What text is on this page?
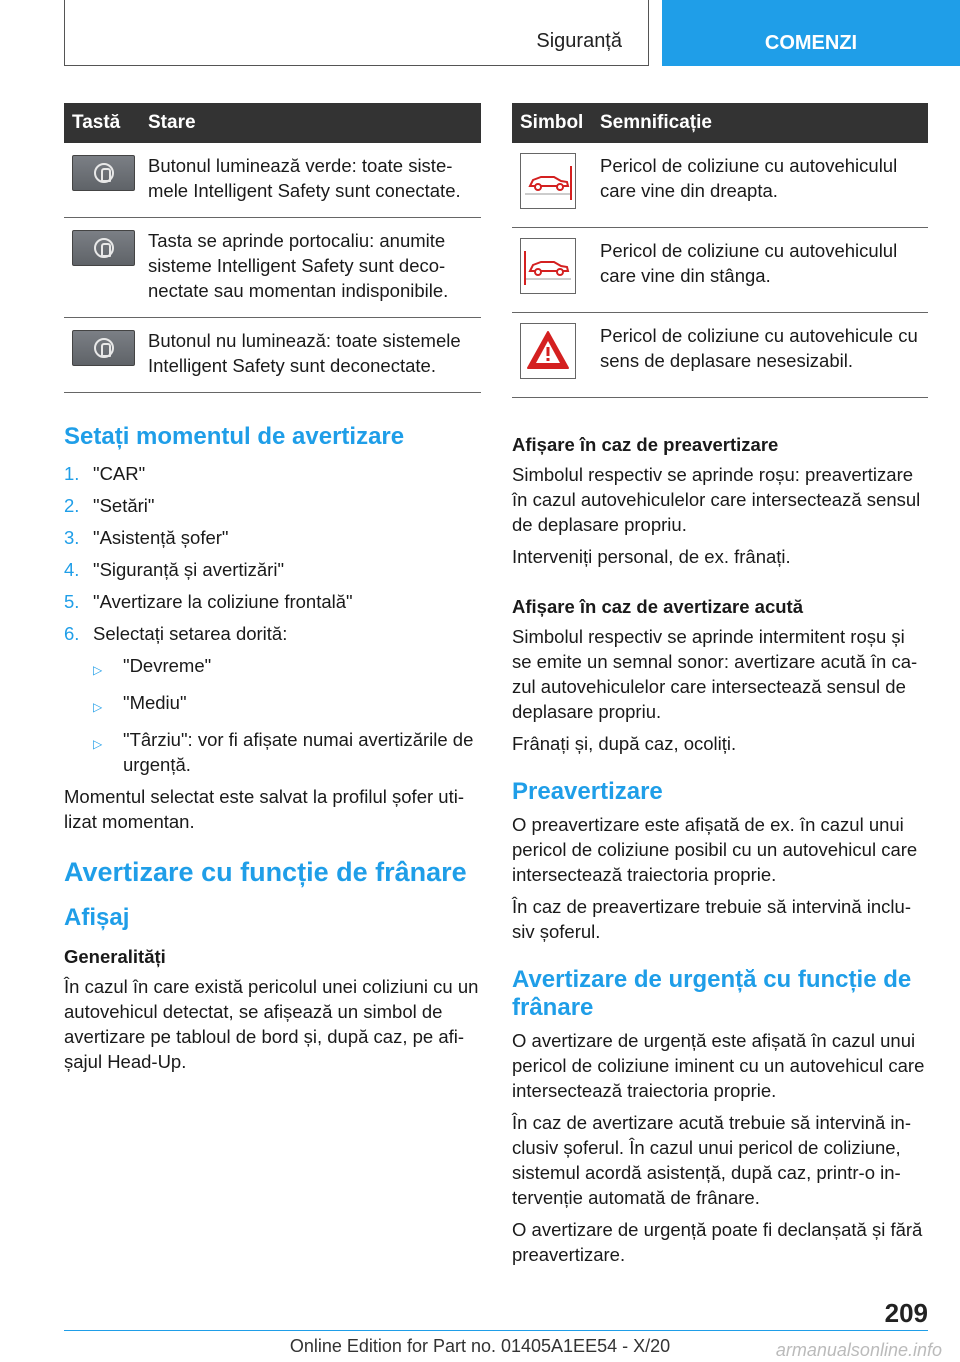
Siguranță	COMENZI
Tastă	Stare

	Butonul luminează verde: toate siste-mele Intelligent Safety sunt conectate.

	Tasta se aprinde portocaliu: anumite sisteme Intelligent Safety sunt deco-nectate sau momentan indisponibile.

	Butonul nu luminează: toate sistemele Intelligent Safety sunt deconectate.
Setați momentul de avertizare
1. "CAR"
2. "Setări"
3. "Asistență șofer"
4. "Siguranță și avertizări"
5. "Avertizare la coliziune frontală"
6. Selectați setarea dorită:
▷	"Devreme"
▷	"Mediu"
▷	"Târziu": vor fi afișate numai avertizările de urgență.

Momentul selectat este salvat la profilul șofer uti-lizat momentan.

Avertizare cu funcție de frânare
Afișaj
Generalități

În cazul în care există pericolul unei coliziuni cu un autovehicul detectat, se afișează un simbol de avertizare pe tabloul de bord și, după caz, pe afi-șajul Head-Up.

Simbol	Semnificație

	Pericol de coliziune cu autovehiculul care vine din dreapta.

	Pericol de coliziune cu autovehiculul care vine din stânga.

	Pericol de coliziune cu autovehicule cu sens de deplasare nesesizabil.
Afișare în caz de preavertizare

Simbolul respectiv se aprinde roșu: preavertizare în cazul autovehiculelor care intersectează sensul de deplasare propriu.

Interveniți personal, de ex. frânați.

Afișare în caz de avertizare acută

Simbolul respectiv se aprinde intermitent roșu și se emite un semnal sonor: avertizare acută în ca-zul autovehiculelor care intersectează sensul de deplasare propriu.

Frânați și, după caz, ocoliți.

Preavertizare

O preavertizare este afișată de ex. în cazul unui pericol de coliziune posibil cu un autovehicul care intersectează traiectoria proprie.

În caz de preavertizare trebuie să intervină inclu-siv șoferul.

Avertizare de urgență cu funcție de frânare

O avertizare de urgență este afișată în cazul unui pericol de coliziune iminent cu un autovehicul care intersectează traiectoria proprie.

În caz de avertizare acută trebuie să intervină in-clusiv șoferul. În cazul unui pericol de coliziune, sistemul acordă asistență, după caz, printr-o in-tervenție automată de frânare.

O avertizare de urgență poate fi declanșată și fără preavertizare.

209
Online Edition for Part no. 01405A1EE54 - X/20	armanualsonline.info
